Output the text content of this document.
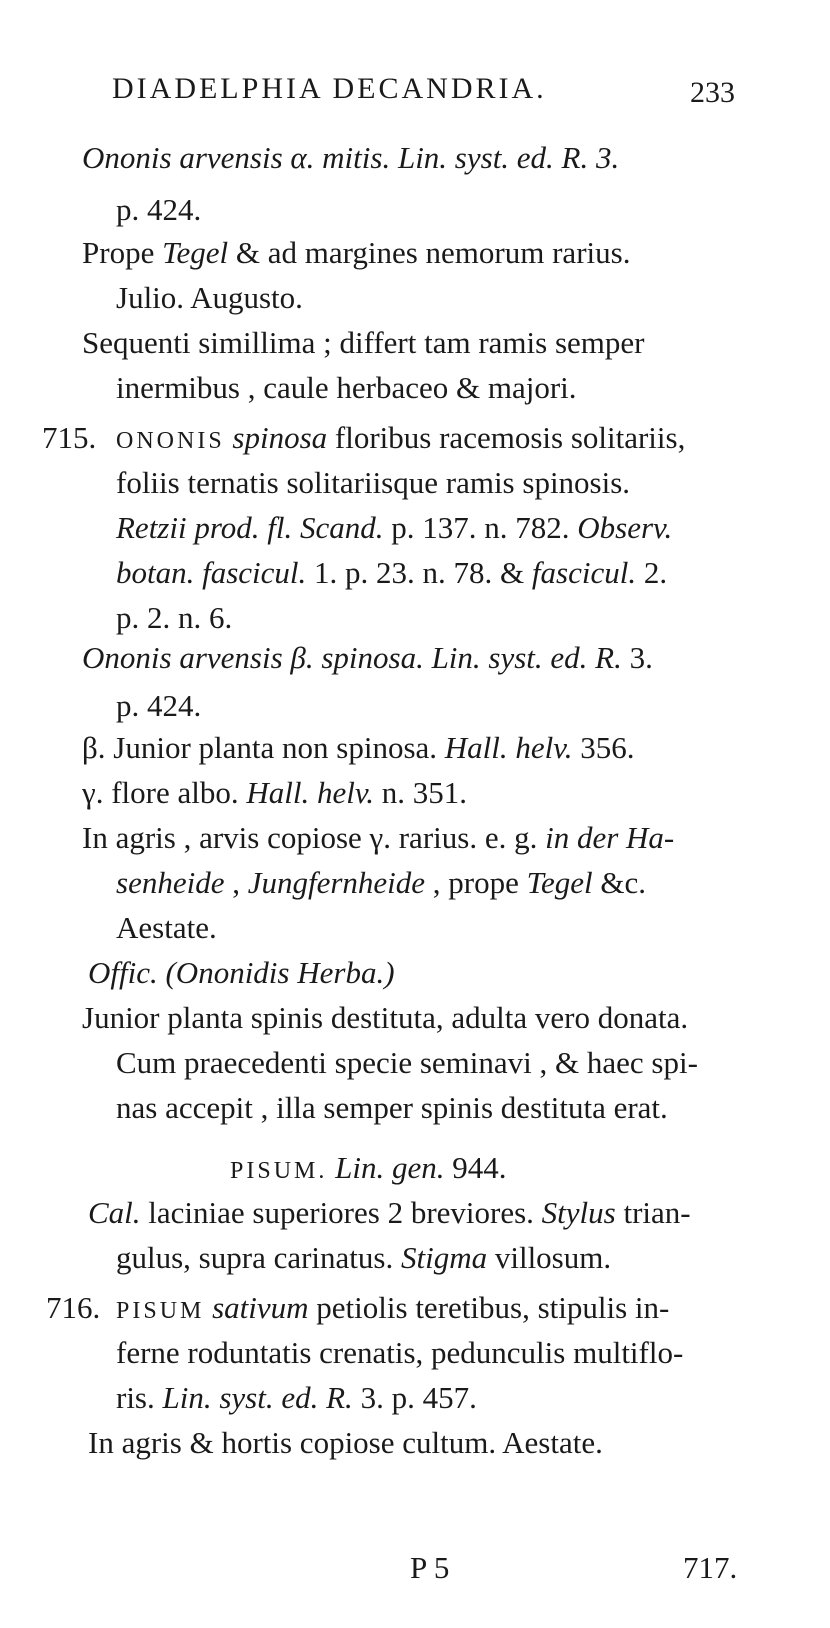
DIADELPHIA DECANDRIA.	233
Ononis arvensis α. mitis. Lin. syst. ed. R. 3.
p. 424.
Prope Tegel & ad margines nemorum rarius.
Julio. Augusto.
Sequenti simillima ; differt tam ramis semper
inermibus , caule herbaceo & majori.
ONONIS spinosa floribus racemosis solitariis,
foliis ternatis solitariisque ramis spinosis.
Retzii prod. fl. Scand. p. 137. n. 782. Observ.
botan. fascicul. 1. p. 23. n. 78. & fascicul. 2.
p. 2. n. 6.
Ononis arvensis β. spinosa. Lin. syst. ed. R. 3.
p. 424.
β. Junior planta non spinosa. Hall. helv. 356.
γ. flore albo. Hall. helv. n. 351.
In agris , arvis copiose γ. rarius. e. g. in der Ha-
senheide , Jungfernheide , prope Tegel &c.
Aestate.
Offic. (Ononidis Herba.)
Junior planta spinis destituta, adulta vero donata.
Cum praecedenti specie seminavi , & haec spi-
nas accepit , illa semper spinis destituta erat.
PISUM. Lin. gen. 944.
Cal. laciniae superiores 2 breviores. Stylus trian-
gulus, supra carinatus. Stigma villosum.
PISUM sativum petiolis teretibus, stipulis in-
ferne roduntatis crenatis, pedunculis multiflo-
ris. Lin. syst. ed. R. 3. p. 457.
In agris & hortis copiose cultum. Aestate.
715.
716.
P 5	717.
